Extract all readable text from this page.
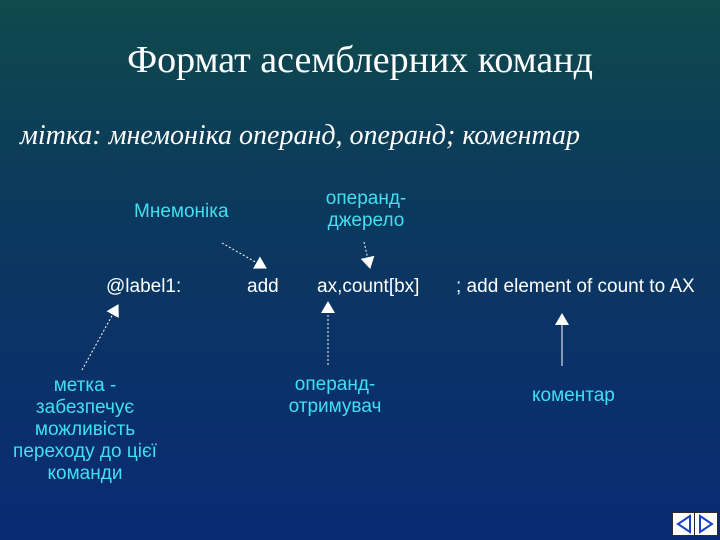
Формат асемблерних команд
мітка: мнемоніка операнд, операнд; коментар
Мнемоніка
операнд-
джерело
@label1:	add ax,count[bx] ; add element of count to AX
метка -
забезпечує
можливість
переходу до цієї
команди
операнд-
отримувач
коментар
